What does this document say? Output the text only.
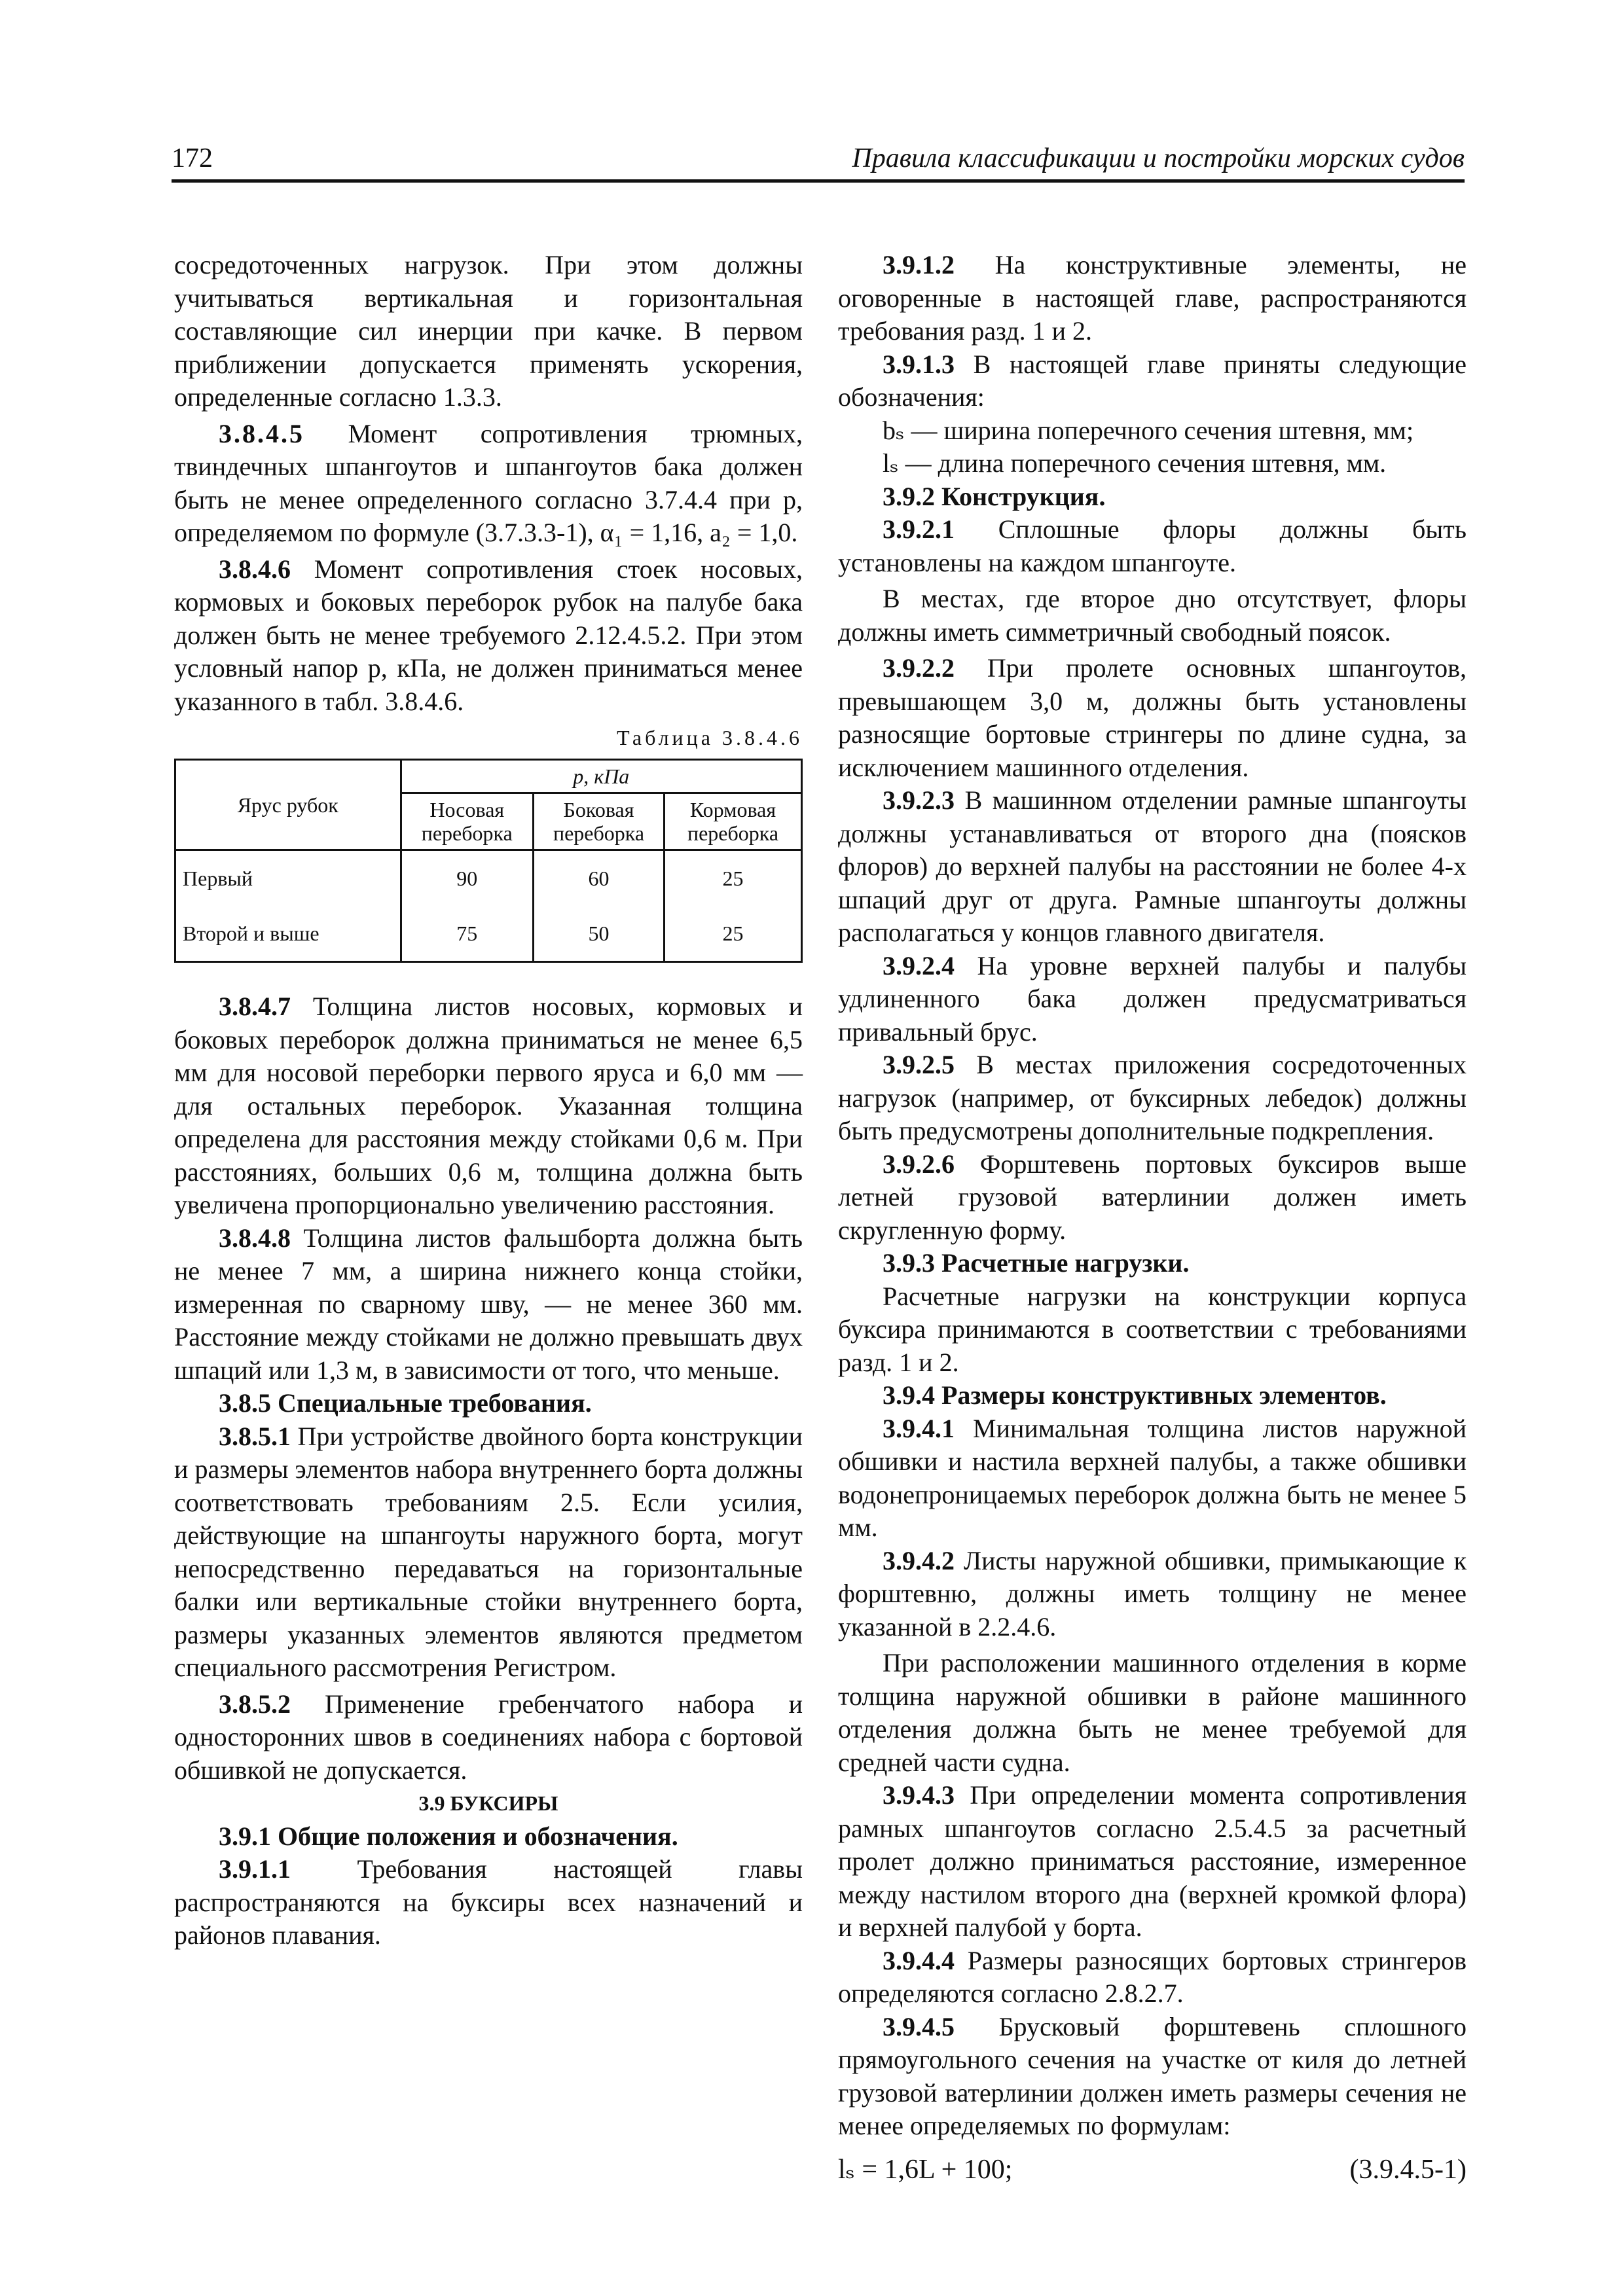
172	Правила классификации и постройки морских судов

сосредоточенных нагрузок. При этом должны учитываться вертикальная и горизонтальная составляющие сил инерции при качке. В первом приближении допускается применять ускорения, определенные согласно 1.3.3.

3.8.4.5 Момент сопротивления трюмных, твиндечных шпангоутов и шпангоутов бака должен быть не менее определенного согласно 3.7.4.4 при p, определяемом по формуле (3.7.3.3-1), α₁ = 1,16, a₂ = 1,0.

3.8.4.6 Момент сопротивления стоек носовых, кормовых и боковых переборок рубок на палубе бака должен быть не менее требуемого 2.12.4.5.2. При этом условный напор p, кПа, не должен приниматься менее указанного в табл. 3.8.4.6.

Таблица 3.8.4.6
Ярус рубок	p, кПа		
	Носовая переборка	Боковая переборка	Кормовая переборка
Первый	90	60	25
Второй и выше	75	50	25

3.8.4.7 Толщина листов носовых, кормовых и боковых переборок должна приниматься не менее 6,5 мм для носовой переборки первого яруса и 6,0 мм — для остальных переборок. Указанная толщина определена для расстояния между стойками 0,6 м. При расстояниях, больших 0,6 м, толщина должна быть увеличена пропорционально увеличению расстояния.

3.8.4.8 Толщина листов фальшборта должна быть не менее 7 мм, а ширина нижнего конца стойки, измеренная по сварному шву, — не менее 360 мм. Расстояние между стойками не должно превышать двух шпаций или 1,3 м, в зависимости от того, что меньше.

3.8.5 Специальные требования.

3.8.5.1 При устройстве двойного борта конструкции и размеры элементов набора внутреннего борта должны соответствовать требованиям 2.5. Если усилия, действующие на шпангоуты наружного борта, могут непосредственно передаваться на горизонтальные балки или вертикальные стойки внутреннего борта, размеры указанных элементов являются предметом специального рассмотрения Регистром.

3.8.5.2 Применение гребенчатого набора и односторонних швов в соединениях набора с бортовой обшивкой не допускается.

3.9 БУКСИРЫ

3.9.1 Общие положения и обозначения.

3.9.1.1	Требования настоящей главы распространяются на буксиры всех назначений и районов плавания.

3.9.1.2 На конструктивные элементы, не оговоренные в настоящей главе, распространяются требования разд. 1 и 2.

3.9.1.3 В настоящей главе приняты следующие обозначения:

bₛ — ширина поперечного сечения штевня, мм;
lₛ — длина поперечного сечения штевня, мм.

3.9.2 Конструкция.

3.9.2.1 Сплошные флоры должны быть установлены на каждом шпангоуте.

В местах, где второе дно отсутствует, флоры должны иметь симметричный свободный поясок.

3.9.2.2 При пролете основных шпангоутов, превышающем 3,0 м, должны быть установлены разносящие бортовые стрингеры по длине судна, за исключением машинного отделения.

3.9.2.3 В машинном отделении рамные шпангоуты должны устанавливаться от второго дна (поясков флоров) до верхней палубы на расстоянии не более 4-х шпаций друг от друга. Рамные шпангоуты должны располагаться у концов главного двигателя.

3.9.2.4 На уровне верхней палубы и палубы удлиненного бака должен предусматриваться привальный брус.

3.9.2.5 В местах приложения сосредоточенных нагрузок (например, от буксирных лебедок) должны быть предусмотрены дополнительные подкрепления.

3.9.2.6 Форштевень портовых буксиров выше летней грузовой ватерлинии должен иметь скругленную форму.

3.9.3 Расчетные нагрузки.

Расчетные нагрузки на конструкции корпуса буксира принимаются в соответствии с требованиями разд. 1 и 2.

3.9.4 Размеры конструктивных элементов.

3.9.4.1 Минимальная толщина листов наружной обшивки и настила верхней палубы, а также обшивки водонепроницаемых переборок должна быть не менее 5 мм.

3.9.4.2 Листы наружной обшивки, примыкающие к форштевню, должны иметь толщину не менее указанной в 2.2.4.6.

При расположении машинного отделения в корме толщина наружной обшивки в районе машинного отделения должна быть не менее требуемой для средней части судна.

3.9.4.3 При определении момента сопротивления рамных шпангоутов согласно 2.5.4.5 за расчетный пролет должно приниматься расстояние, измеренное между настилом второго дна (верхней кромкой флора) и верхней палубой у борта.

3.9.4.4 Размеры разносящих бортовых стрингеров определяются согласно 2.8.2.7.

3.9.4.5 Брусковый форштевень сплошного прямоугольного сечения на участке от киля до летней грузовой ватерлинии должен иметь размеры сечения не менее определяемых по формулам:

lₛ = 1,6L + 100;	(3.9.4.5-1)
